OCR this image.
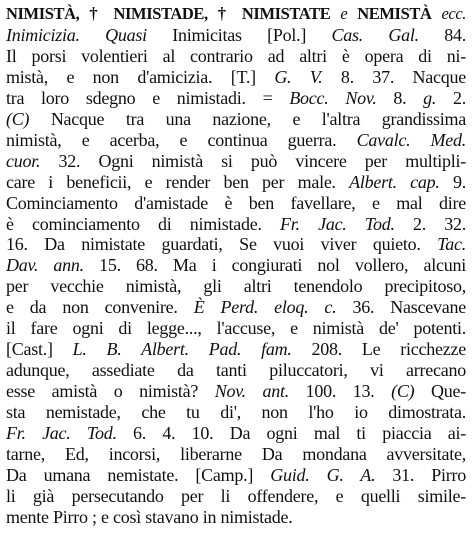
NIMISTÀ, † NIMISTADE, † NIMISTATE e NEMISTÀ ecc.
Inimicizia. Quasi Inimicitas [Pol.] Cas. Gal. 84.
Il porsi volentieri al contrario ad altri è opera di ni-
mistà, e non d'amicizia. [T.] G. V. 8. 37. Nacque
tra loro sdegno e nimistadi. = Bocc. Nov. 8. g. 2.
(C) Nacque tra una nazione, e l'altra grandissima
nimistà, e acerba, e continua guerra. Cavalc. Med.
cuor. 32. Ogni nimistà si può vincere per multipli-
care i beneficii, e render ben per male. Albert. cap. 9.
Cominciamento d'amistade è ben favellare, e mal dire
è cominciamento di nimistade. Fr. Jac. Tod. 2. 32.
16. Da nimistate guardati, Se vuoi viver quieto. Tac.
Dav. ann. 15. 68. Ma i congiurati nol vollero, alcuni
per vecchie nimistà, gli altri tenendolo precipitoso,
e da non convenire. È Perd. eloq. c. 36. Nascevane
il fare ogni di legge..., l'accuse, e nimistà de' potenti.
[Cast.] L. B. Albert. Pad. fam. 208. Le ricchezze
adunque, assediate da tanti piluccatori, vi arrecano
esse amistà o nimistà? Nov. ant. 100. 13. (C) Que-
sta nemistade, che tu di', non l'ho io dimostrata.
Fr. Jac. Tod. 6. 4. 10. Da ogni mal ti piaccia ai-
tarne, Ed, incorsi, liberarne Da mondana avversitate,
Da umana nemistate. [Camp.] Guid. G. A. 31. Pirro
li già persecutando per li offendere, e quelli simile-
mente Pirro ; e così stavano in nimistade.
